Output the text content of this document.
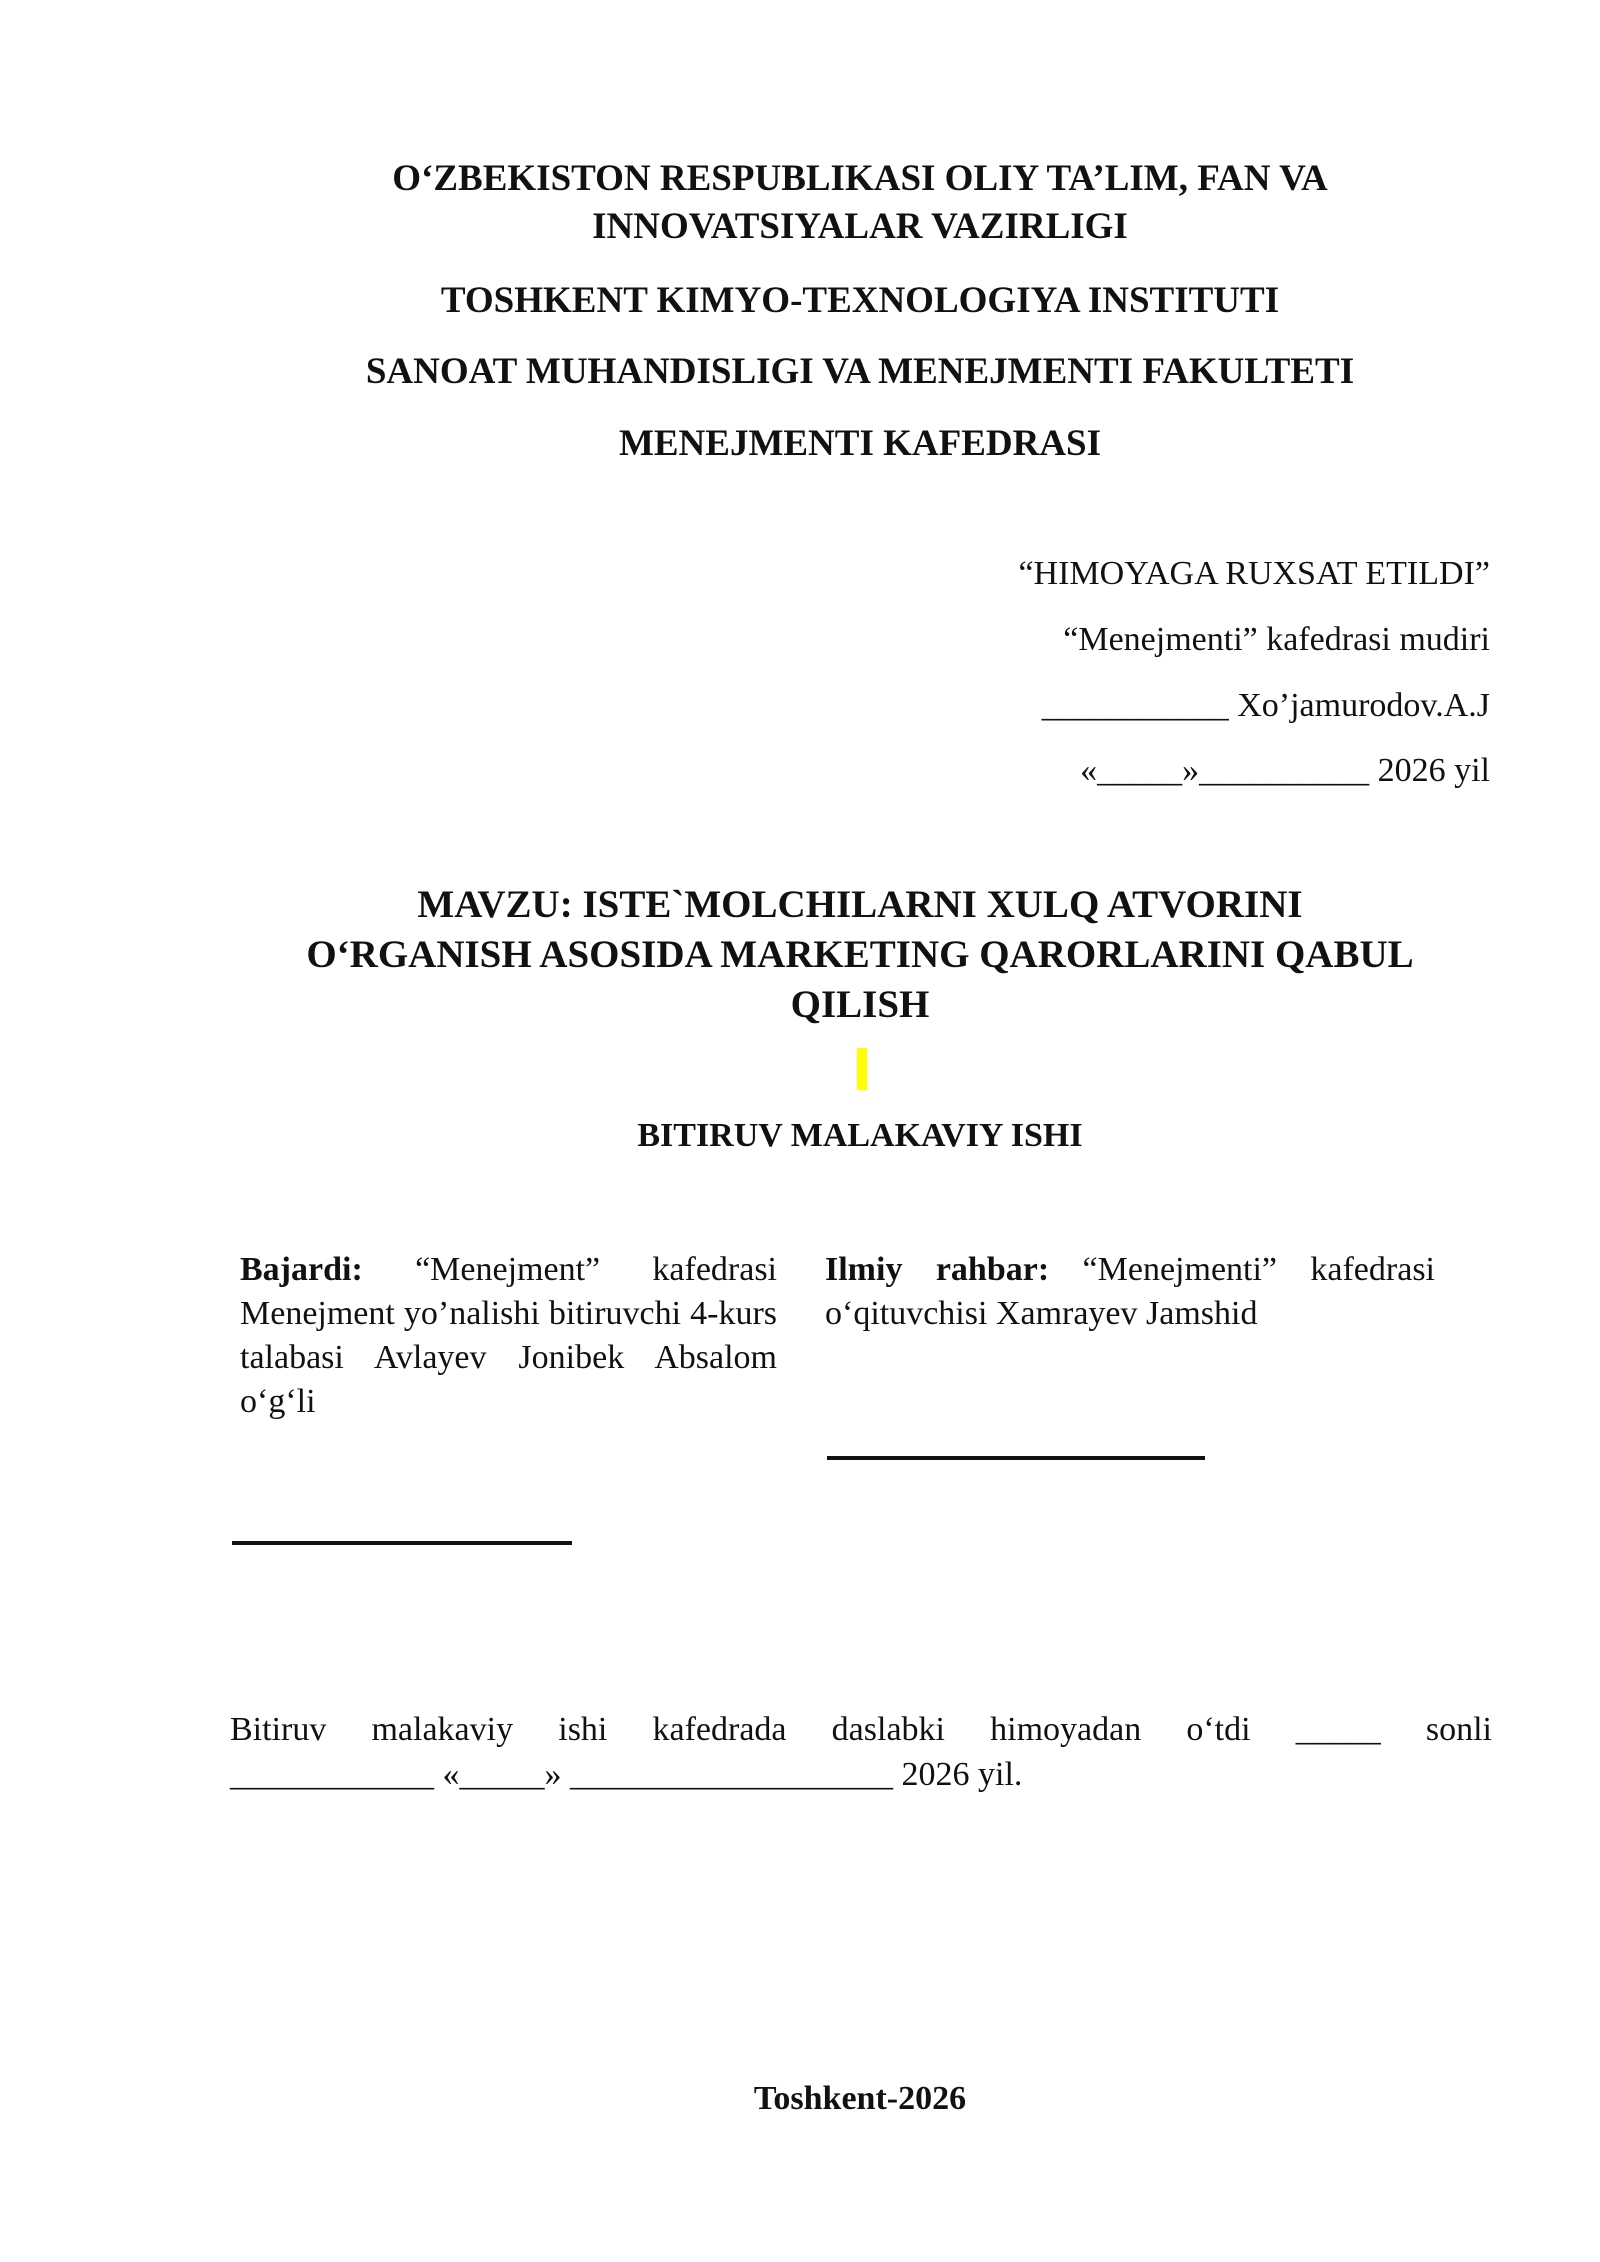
O‘ZBEKISTON RESPUBLIKASI OLIY TA’LIM, FAN VA
INNOVATSIYALAR VAZIRLIGI
TOSHKENT KIMYO-TEXNOLOGIYA INSTITUTI
SANOAT MUHANDISLIGI VA MENEJMENTI FAKULTETI
MENEJMENTI KAFEDRASI
“HIMOYAGA RUXSAT ETILDI”
“Menejmenti” kafedrasi mudiri
___________ Xo’jamurodov.A.J
«_____»__________ 2026 yil
MAVZU: ISTE`MOLCHILARNI XULQ ATVORINI
O‘RGANISH ASOSIDA MARKETING QARORLARINI QABUL
QILISH
BITIRUV MALAKAVIY ISHI
Bajardi: “Menejment” kafedrasi Menejment yo’nalishi bitiruvchi 4-kurs talabasi Avlayev Jonibek Absalom o‘g‘li
Ilmiy rahbar: “Menejmenti” kafedrasi o‘qituvchisi Xamrayev Jamshid
Bitiruv malakaviy ishi kafedrada daslabki himoyadan o‘tdi _____ sonli
____________ «_____» ___________________ 2026 yil.
Toshkent-2026
